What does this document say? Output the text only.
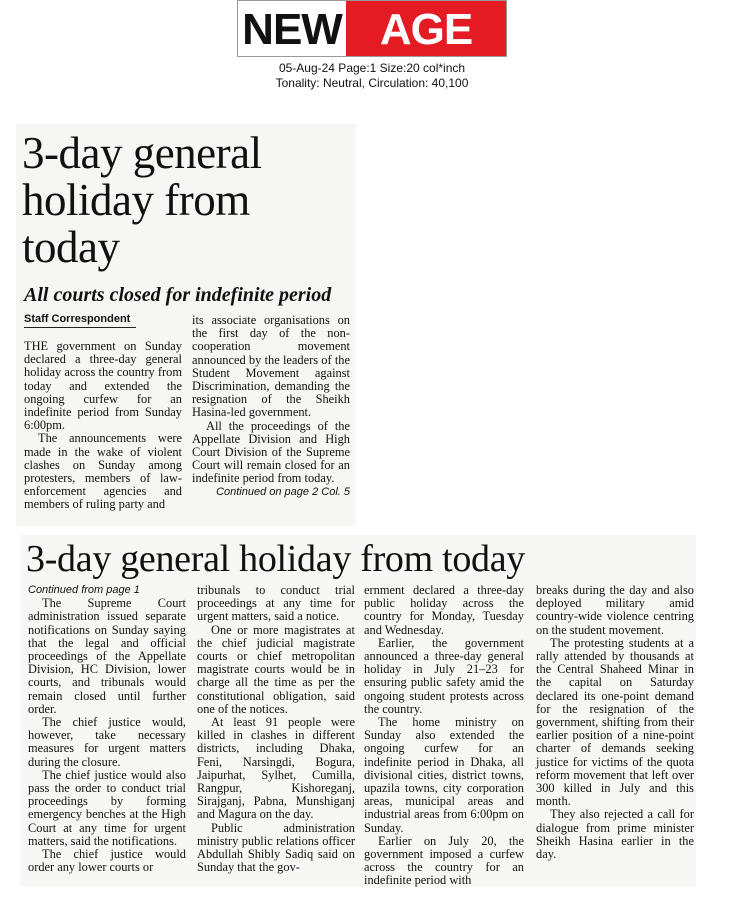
NEW AGE
05-Aug-24 Page:1 Size:20 col*inch
Tonality: Neutral, Circulation: 40,100
3-day general holiday from today
All courts closed for indefinite period
Staff Correspondent

THE government on Sunday declared a three-day general holiday across the country from today and extended the ongoing curfew for an indefinite period from Sunday 6:00pm.

The announcements were made in the wake of violent clashes on Sunday among protesters, members of law-enforcement agencies and members of ruling party and

its associate organisations on the first day of the non-cooperation movement announced by the leaders of the Student Movement against Discrimination, demanding the resignation of the Sheikh Hasina-led government.

All the proceedings of the Appellate Division and High Court Division of the Supreme Court will remain closed for an indefinite period from today.

Continued on page 2 Col. 5
3-day general holiday from today

Continued from page 1

The Supreme Court administration issued separate notifications on Sunday saying that the legal and official proceedings of the Appellate Division, HC Division, lower courts, and tribunals would remain closed until further order.

The chief justice would, however, take necessary measures for urgent matters during the closure.

The chief justice would also pass the order to conduct trial proceedings by forming emergency benches at the High Court at any time for urgent matters, said the notifications.

The chief justice would order any lower courts or

tribunals to conduct trial proceedings at any time for urgent matters, said a notice.

One or more magistrates at the chief judicial magistrate courts or chief metropolitan magistrate courts would be in charge all the time as per the constitutional obligation, said one of the notices.

At least 91 people were killed in clashes in different districts, including Dhaka, Feni, Narsingdi, Bogura, Jaipurhat, Sylhet, Cumilla, Rangpur, Kishoreganj, Sirajganj, Pabna, Munshiganj and Magura on the day.

Public administration ministry public relations officer Abdullah Shibly Sadiq said on Sunday that the gov-

ernment declared a three-day public holiday across the country for Monday, Tuesday and Wednesday.

Earlier, the government announced a three-day general holiday in July 21–23 for ensuring public safety amid the ongoing student protests across the country.

The home ministry on Sunday also extended the ongoing curfew for an indefinite period in Dhaka, all divisional cities, district towns, upazila towns, city corporation areas, municipal areas and industrial areas from 6:00pm on Sunday.

Earlier on July 20, the government imposed a curfew across the country for an indefinite period with

breaks during the day and also deployed military amid country-wide violence centring on the student movement.

The protesting students at a rally attended by thousands at the Central Shaheed Minar in the capital on Saturday declared its one-point demand for the resignation of the government, shifting from their earlier position of a nine-point charter of demands seeking justice for victims of the quota reform movement that left over 300 killed in July and this month.

They also rejected a call for dialogue from prime minister Sheikh Hasina earlier in the day.
